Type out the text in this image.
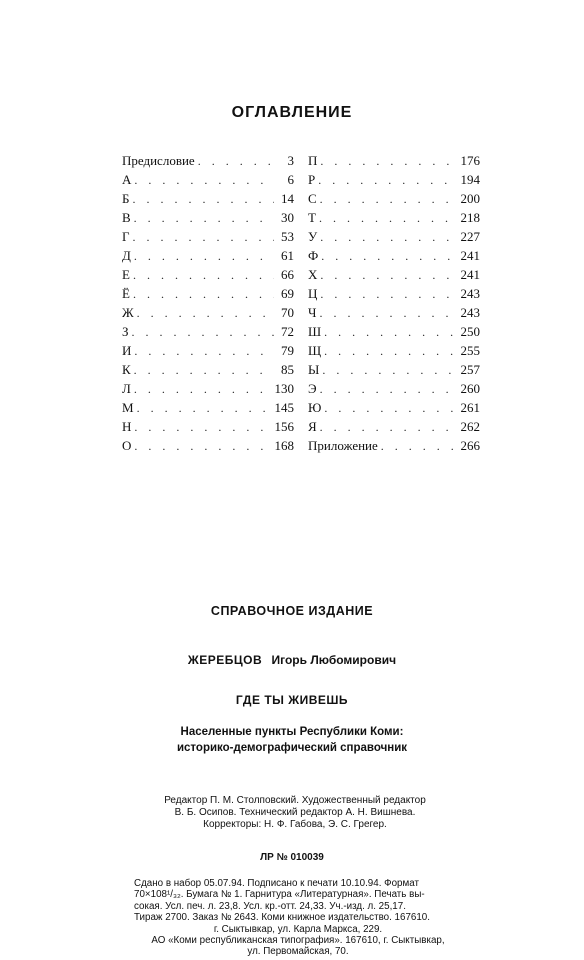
ОГЛАВЛЕНИЕ
Предисловие . . .	3
А . . .	6
Б . . .	14
В . . .	30
Г . . .	53
Д . . .	61
Е . . .	66
Ё . . .	69
Ж . . .	70
З . . .	72
И . . .	79
К . . .	85
Л . . .	130
М . . .	145
Н . . .	156
О . . .	168
П . . .	176
Р . . .	194
С . . .	200
Т . . .	218
У . . .	227
Ф . . .	241
Х . . .	241
Ц . . .	243
Ч . . .	243
Ш . . .	250
Щ . . .	255
Ы . . .	257
Э . . .	260
Ю . . .	261
Я . . .	262
Приложение . . .	266
СПРАВОЧНОЕ ИЗДАНИЕ
ЖЕРЕБЦОВ Игорь Любомирович
ГДЕ ТЫ ЖИВЕШЬ
Населенные пункты Республики Коми:
историко-демографический справочник
Редактор П. М. Столповский. Художественный редактор
В. Б. Осипов. Технический редактор А. Н. Вишнева.
Корректоры: Н. Ф. Габова, Э. С. Грегер.
ЛР № 010039
Сдано в набор 05.07.94. Подписано к печати 10.10.94. Формат
70×108¹/₃₂. Бумага № 1. Гарнитура «Литературная». Печать вы-
сокая. Усл. печ. л. 23,8. Усл. кр.-отт. 24,33. Уч.-изд. л. 25,17.
Тираж 2700. Заказ № 2643. Коми книжное издательство. 167610.
г. Сыктывкар, ул. Карла Маркса, 229.
АО «Коми республиканская типография». 167610, г. Сыктывкар,
ул. Первомайская, 70.
